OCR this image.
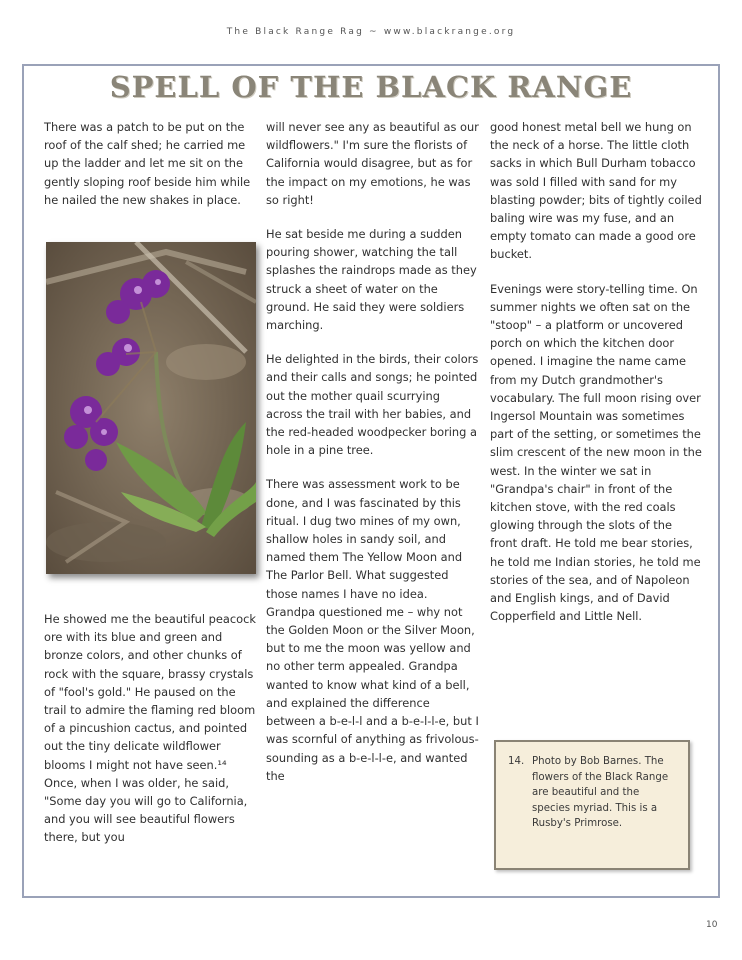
The Black Range Rag ~ www.blackrange.org
SPELL OF THE BLACK RANGE

There was a patch to be put on the roof of the calf shed; he carried me up the ladder and let me sit on the gently sloping roof beside him while he nailed the new shakes in place.

He showed me the beautiful peacock ore with its blue and green and bronze colors, and other chunks of rock with the square, brassy crystals of "fool's gold." He paused on the trail to admire the flaming red bloom of a pincushion cactus, and pointed out the tiny delicate wildflower blooms I might not have seen.¹⁴ Once, when I was older, he said, "Some day you will go to California, and you will see beautiful flowers there, but you

will never see any as beautiful as our wildflowers." I'm sure the florists of California would disagree, but as for the impact on my emotions, he was so right!

He sat beside me during a sudden pouring shower, watching the tall splashes the raindrops made as they struck a sheet of water on the ground. He said they were soldiers marching.

He delighted in the birds, their colors and their calls and songs; he pointed out the mother quail scurrying across the trail with her babies, and the red-headed woodpecker boring a hole in a pine tree.

There was assessment work to be done, and I was fascinated by this ritual. I dug two mines of my own, shallow holes in sandy soil, and named them The Yellow Moon and The Parlor Bell. What suggested those names I have no idea. Grandpa questioned me – why not the Golden Moon or the Silver Moon, but to me the moon was yellow and no other term appealed. Grandpa wanted to know what kind of a bell, and explained the difference between a b-e-l-l and a b-e-l-l-e, but I was scornful of anything as frivolous-sounding as a b-e-l-l-e, and wanted the

good honest metal bell we hung on the neck of a horse. The little cloth sacks in which Bull Durham tobacco was sold I filled with sand for my blasting powder; bits of tightly coiled baling wire was my fuse, and an empty tomato can made a good ore bucket.

Evenings were story-telling time. On summer nights we often sat on the "stoop" – a platform or uncovered porch on which the kitchen door opened. I imagine the name came from my Dutch grandmother's vocabulary. The full moon rising over Ingersol Mountain was sometimes part of the setting, or sometimes the slim crescent of the new moon in the west. In the winter we sat in "Grandpa's chair" in front of the kitchen stove, with the red coals glowing through the slots of the front draft. He told me bear stories, he told me Indian stories, he told me stories of the sea, and of Napoleon and English kings, and of David Copperfield and Little Nell.

14. Photo by Bob Barnes. The flowers of the Black Range are beautiful and the species myriad. This is a Rusby's Primrose.
10
